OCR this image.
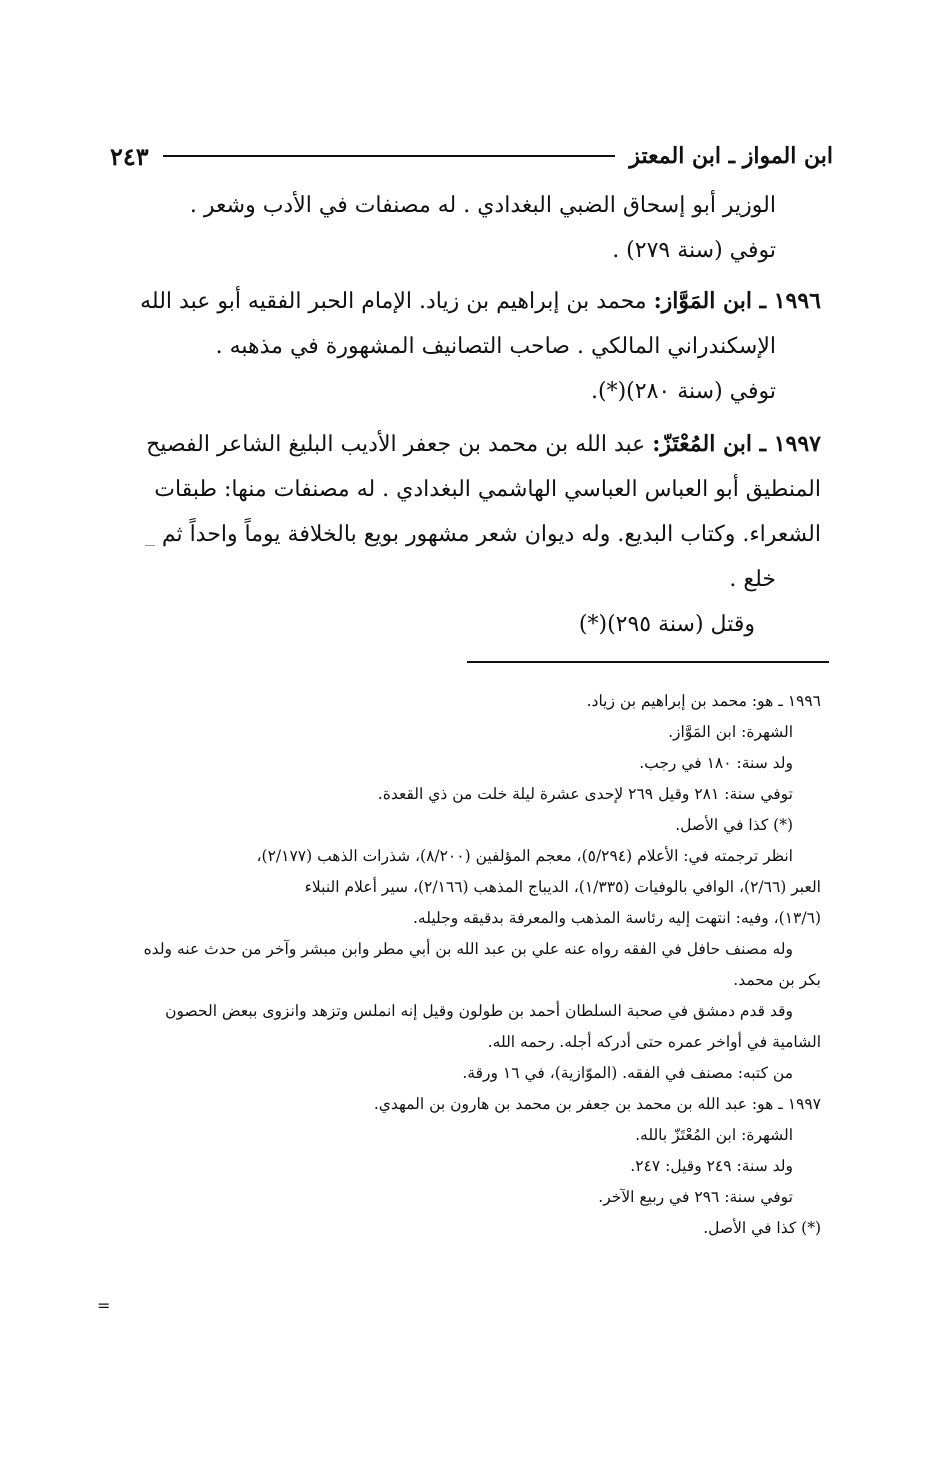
ابن المواز ـ ابن المعتز
٢٤٣
الوزير أبو إسحاق الضبي البغدادي . له مصنفات في الأدب وشعر .
توفي (سنة ٢٧٩) .
١٩٩٦ ـ ابن المَوَّاز: محمد بن إبراهيم بن زياد. الإمام الحبر الفقيه أبو عبد الله
الإسكندراني المالكي . صاحب التصانيف المشهورة في مذهبه .
توفي (سنة ٢٨٠)(*).
١٩٩٧ ـ ابن المُعْتَزّ: عبد الله بن محمد بن جعفر الأديب البليغ الشاعر الفصيح
المنطيق أبو العباس العباسي الهاشمي البغدادي . له مصنفات منها: طبقات
الشعراء. وكتاب البديع. وله ديوان شعر مشهور بويع بالخلافة يوماً واحداً ثم
خلع .
وقتل (سنة ٢٩٥)(*)
١٩٩٦ ـ هو: محمد بن إبراهيم بن زياد.
الشهرة: ابن المَوَّاز.
ولد سنة: ١٨٠ في رجب.
توفي سنة: ٢٨١ وقيل ٢٦٩ لإحدى عشرة ليلة خلت من ذي القعدة.
(*) كذا في الأصل.
انظر ترجمته في: الأعلام (٥/٢٩٤)، معجم المؤلفين (٨/٢٠٠)، شذرات الذهب (٢/١٧٧)،
العبر (٢/٦٦)، الوافي بالوفيات (١/٣٣٥)، الديباج المذهب (٢/١٦٦)، سير أعلام النبلاء
(١٣/٦)، وفيه: انتهت إليه رئاسة المذهب والمعرفة بدقيقه وجليله.
وله مصنف حافل في الفقه رواه عنه علي بن عبد الله بن أبي مطر وابن مبشر وآخر من حدث عنه ولده
بكر بن محمد.
وقد قدم دمشق في صحبة السلطان أحمد بن طولون وقيل إنه انملس وتزهد وانزوى ببعض الحصون
الشامية في أواخر عمره حتى أدركه أجله. رحمه الله.
من كتبه: مصنف في الفقه. (الموّازية)، في ١٦ ورقة.
١٩٩٧ ـ هو: عبد الله بن محمد بن جعفر بن محمد بن هارون بن المهدي.
الشهرة: ابن المُعْتَزّ بالله.
ولد سنة: ٢٤٩ وقيل: ٢٤٧.
توفي سنة: ٢٩٦ في ربيع الآخر.
(*) كذا في الأصل.
=
